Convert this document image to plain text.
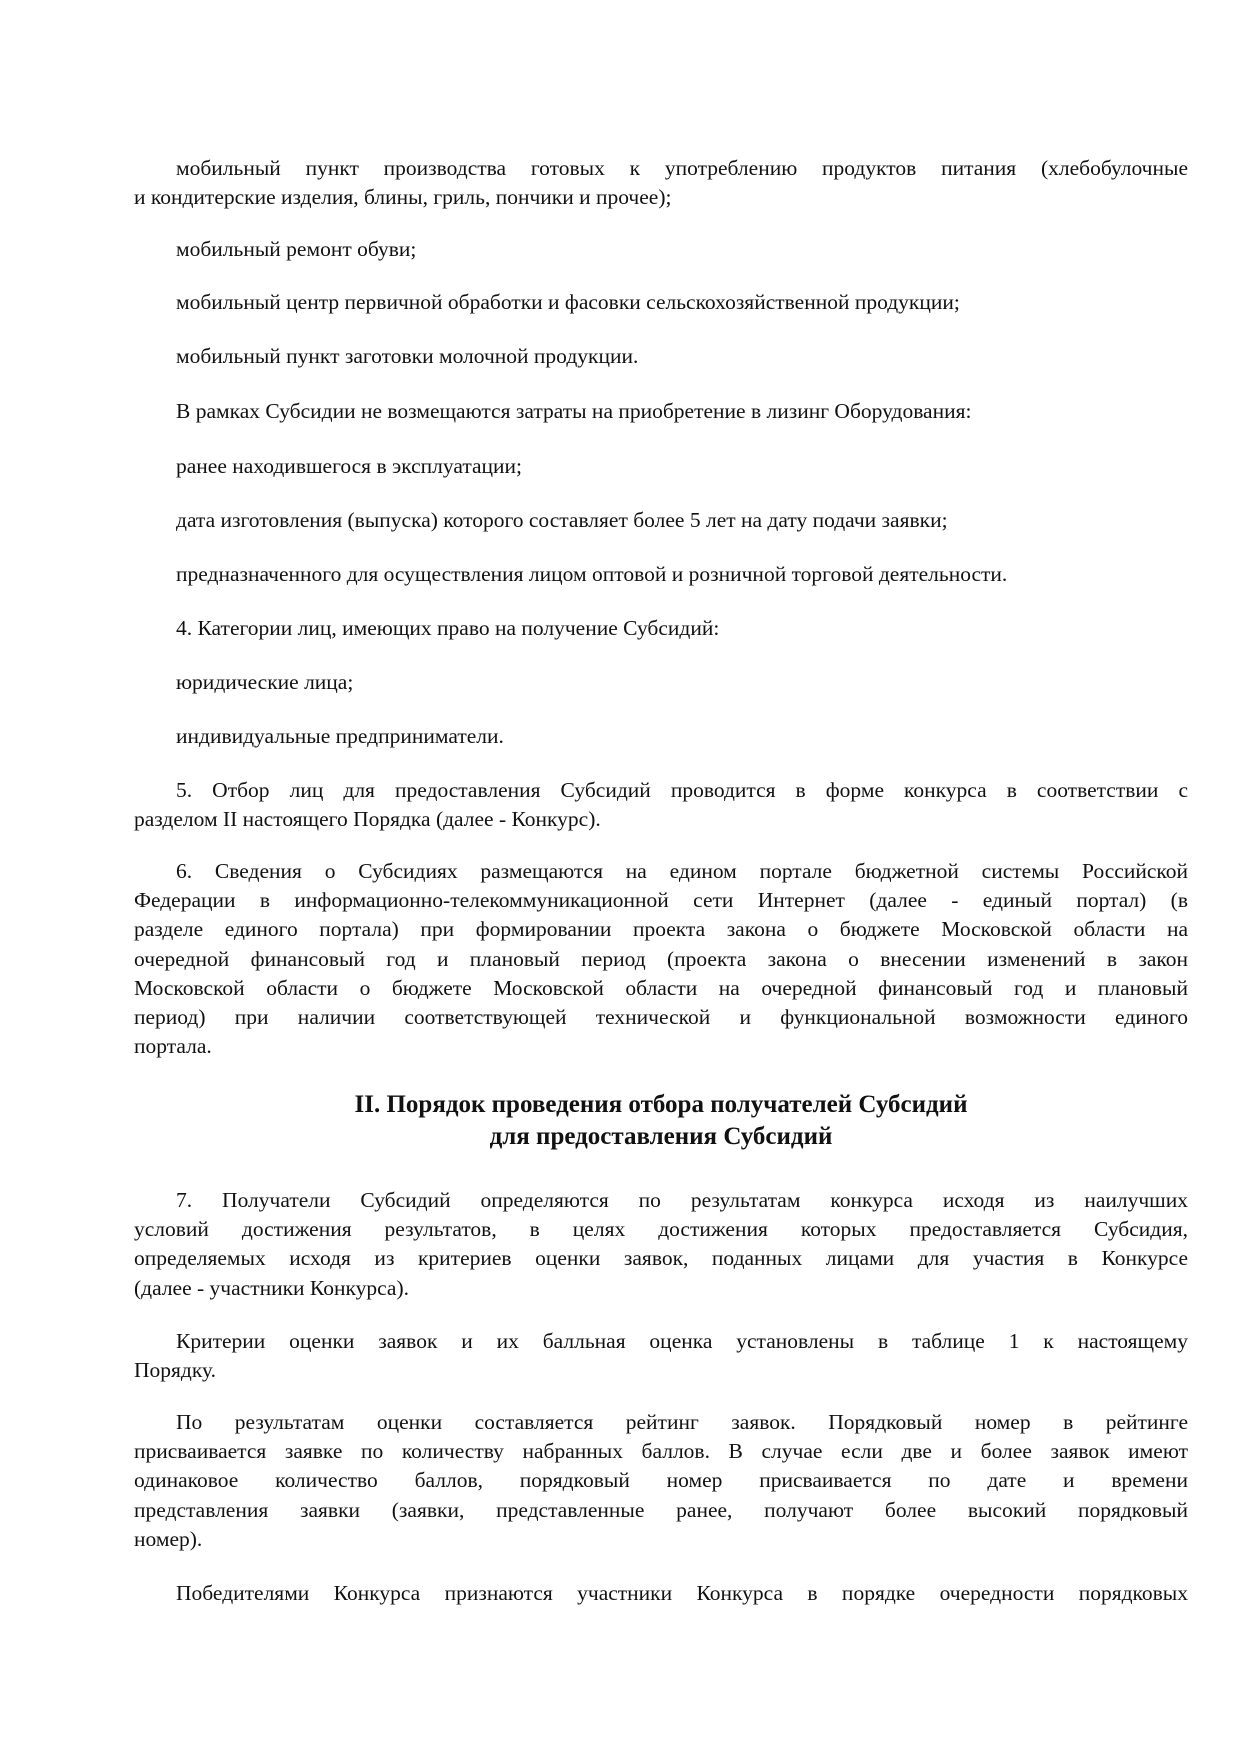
мобильный пункт производства готовых к употреблению продуктов питания (хлебобулочные
и кондитерские изделия, блины, гриль, пончики и прочее);
мобильный ремонт обуви;
мобильный центр первичной обработки и фасовки сельскохозяйственной продукции;
мобильный пункт заготовки молочной продукции.
В рамках Субсидии не возмещаются затраты на приобретение в лизинг Оборудования:
ранее находившегося в эксплуатации;
дата изготовления (выпуска) которого составляет более 5 лет на дату подачи заявки;
предназначенного для осуществления лицом оптовой и розничной торговой деятельности.
4. Категории лиц, имеющих право на получение Субсидий:
юридические лица;
индивидуальные предприниматели.
5. Отбор лиц для предоставления Субсидий проводится в форме конкурса в соответствии с
разделом II настоящего Порядка (далее - Конкурс).
6. Сведения о Субсидиях размещаются на едином портале бюджетной системы Российской
Федерации в информационно-телекоммуникационной сети Интернет (далее - единый портал) (в
разделе единого портала) при формировании проекта закона о бюджете Московской области на
очередной финансовый год и плановый период (проекта закона о внесении изменений в закон
Московской области о бюджете Московской области на очередной финансовый год и плановый
период) при наличии соответствующей технической и функциональной возможности единого
портала.
II. Порядок проведения отбора получателей Субсидий
для предоставления Субсидий
7. Получатели Субсидий определяются по результатам конкурса исходя из наилучших
условий достижения результатов, в целях достижения которых предоставляется Субсидия,
определяемых исходя из критериев оценки заявок, поданных лицами для участия в Конкурсе
(далее - участники Конкурса).
Критерии оценки заявок и их балльная оценка установлены в таблице 1 к настоящему
Порядку.
По результатам оценки составляется рейтинг заявок. Порядковый номер в рейтинге
присваивается заявке по количеству набранных баллов. В случае если две и более заявок имеют
одинаковое количество баллов, порядковый номер присваивается по дате и времени
представления заявки (заявки, представленные ранее, получают более высокий порядковый
номер).
Победителями Конкурса признаются участники Конкурса в порядке очередности порядковых
